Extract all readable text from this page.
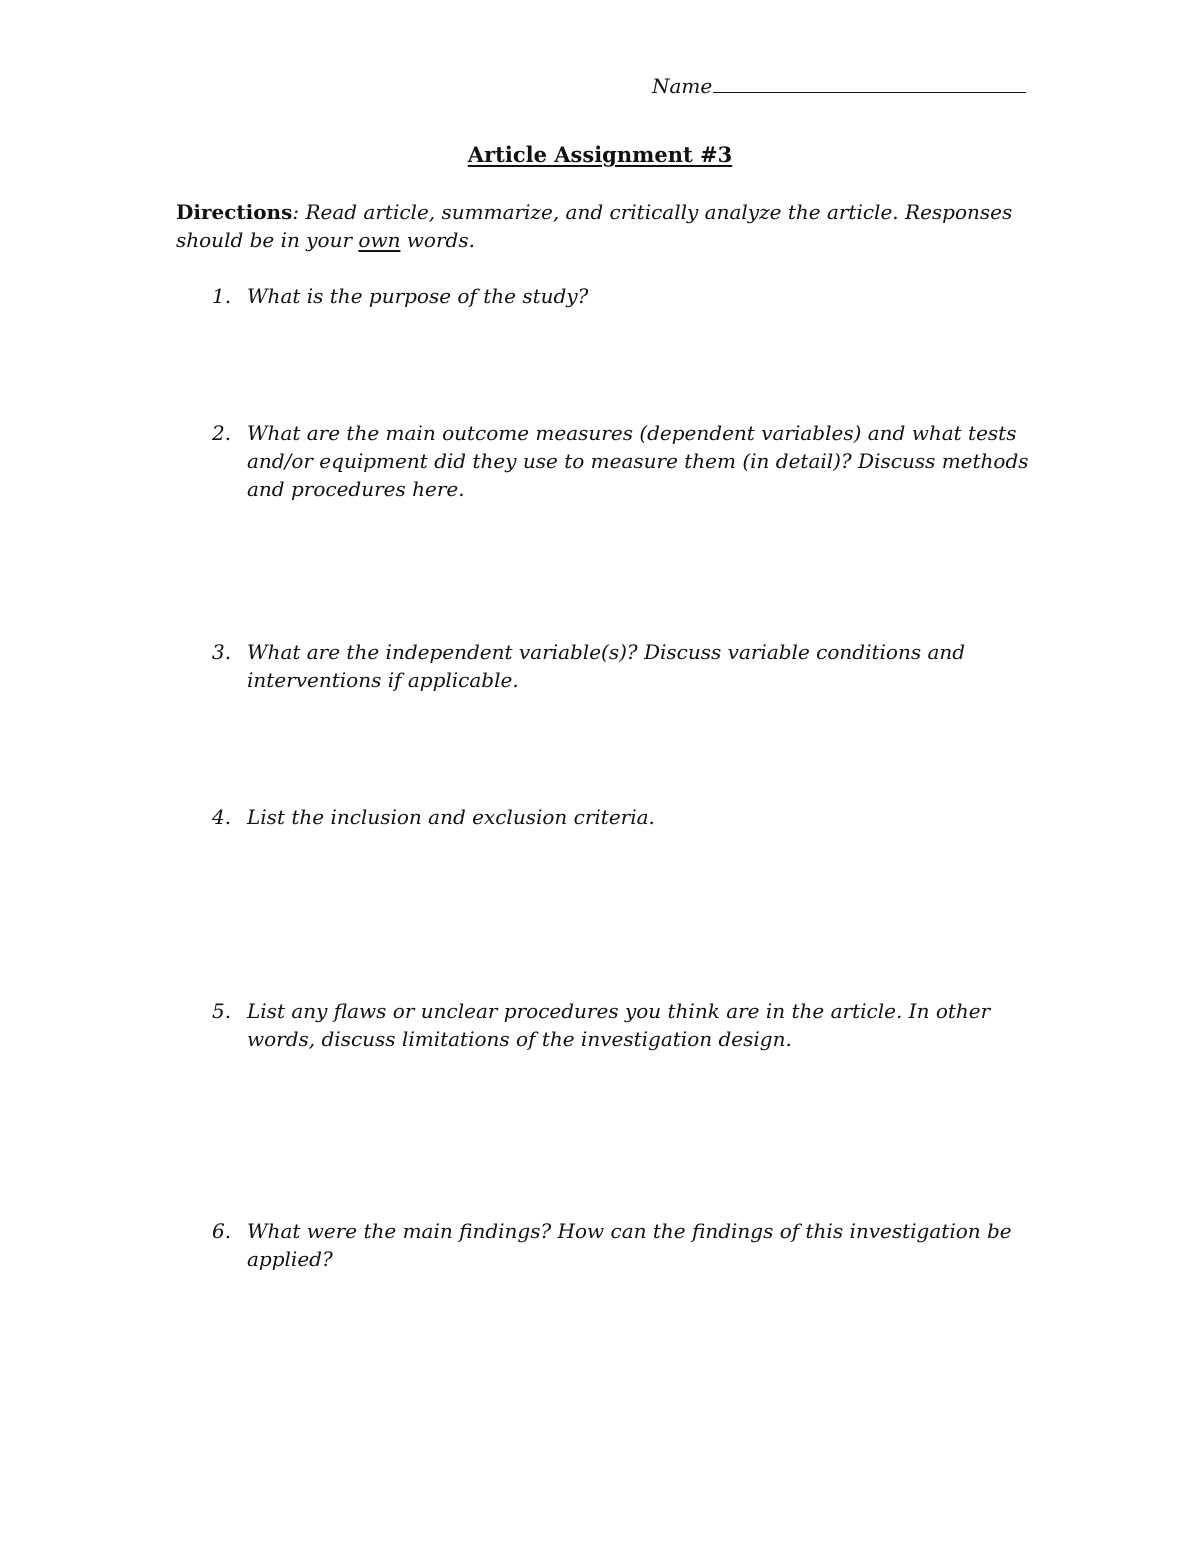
Name
Article Assignment #3
Directions: Read article, summarize, and critically analyze the article. Responses should be in your own words.
1. What is the purpose of the study?
2. What are the main outcome measures (dependent variables) and what tests and/or equipment did they use to measure them (in detail)? Discuss methods and procedures here.
3. What are the independent variable(s)? Discuss variable conditions and interventions if applicable.
4. List the inclusion and exclusion criteria.
5. List any flaws or unclear procedures you think are in the article. In other words, discuss limitations of the investigation design.
6. What were the main findings? How can the findings of this investigation be applied?
